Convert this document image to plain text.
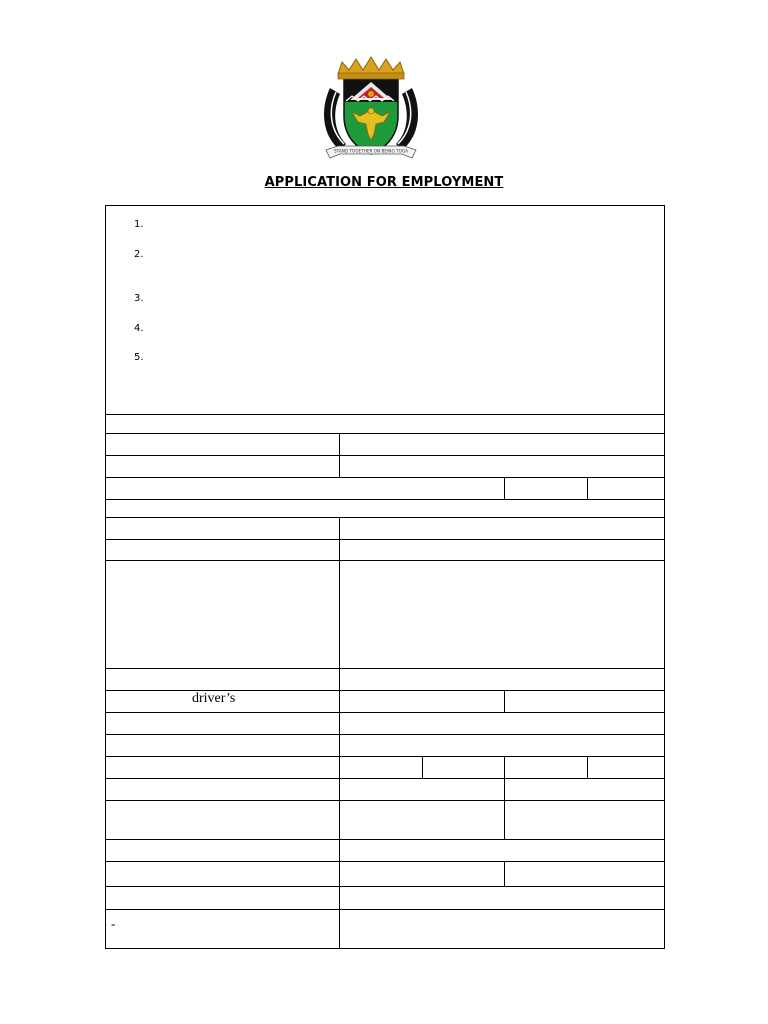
STAND TOGETHER ON BEING TOGA
APPLICATION FOR EMPLOYMENT
1.
2.
3.
4.
5.
driver’s
-
